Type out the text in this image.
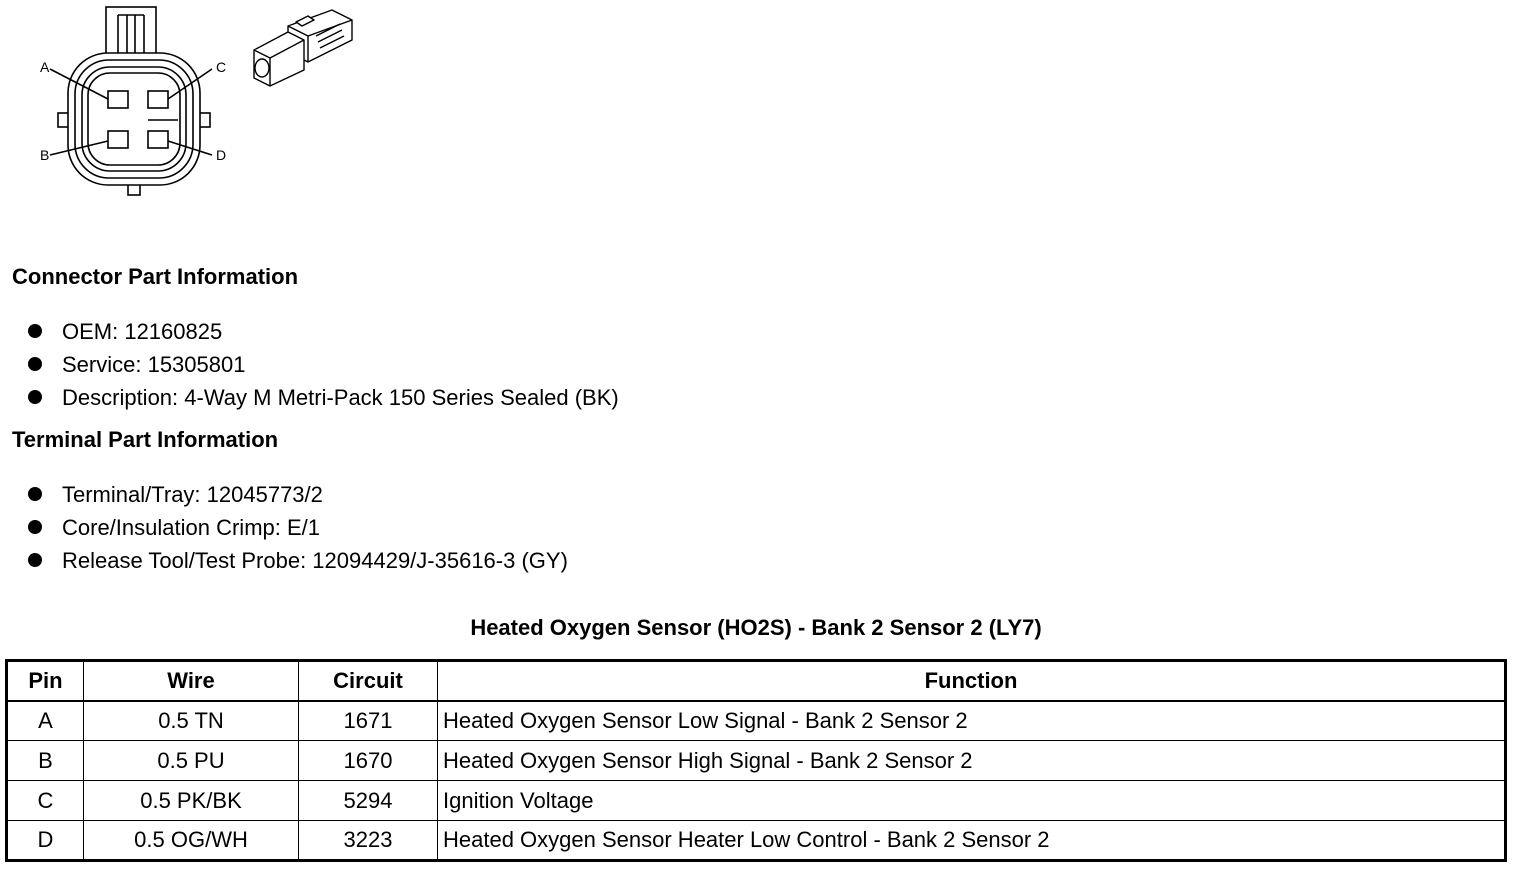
A
B
C
D
Connector Part Information
OEM: 12160825
Service: 15305801
Description: 4-Way M Metri-Pack 150 Series Sealed (BK)
Terminal Part Information
Terminal/Tray: 12045773/2
Core/Insulation Crimp: E/1
Release Tool/Test Probe: 12094429/J-35616-3 (GY)
Heated Oxygen Sensor (HO2S) - Bank 2 Sensor 2 (LY7)
Pin	Wire	Circuit	Function
A	0.5 TN	1671	Heated Oxygen Sensor Low Signal - Bank 2 Sensor 2
B	0.5 PU	1670	Heated Oxygen Sensor High Signal - Bank 2 Sensor 2
C	0.5 PK/BK	5294	Ignition Voltage
D	0.5 OG/WH	3223	Heated Oxygen Sensor Heater Low Control - Bank 2 Sensor 2
